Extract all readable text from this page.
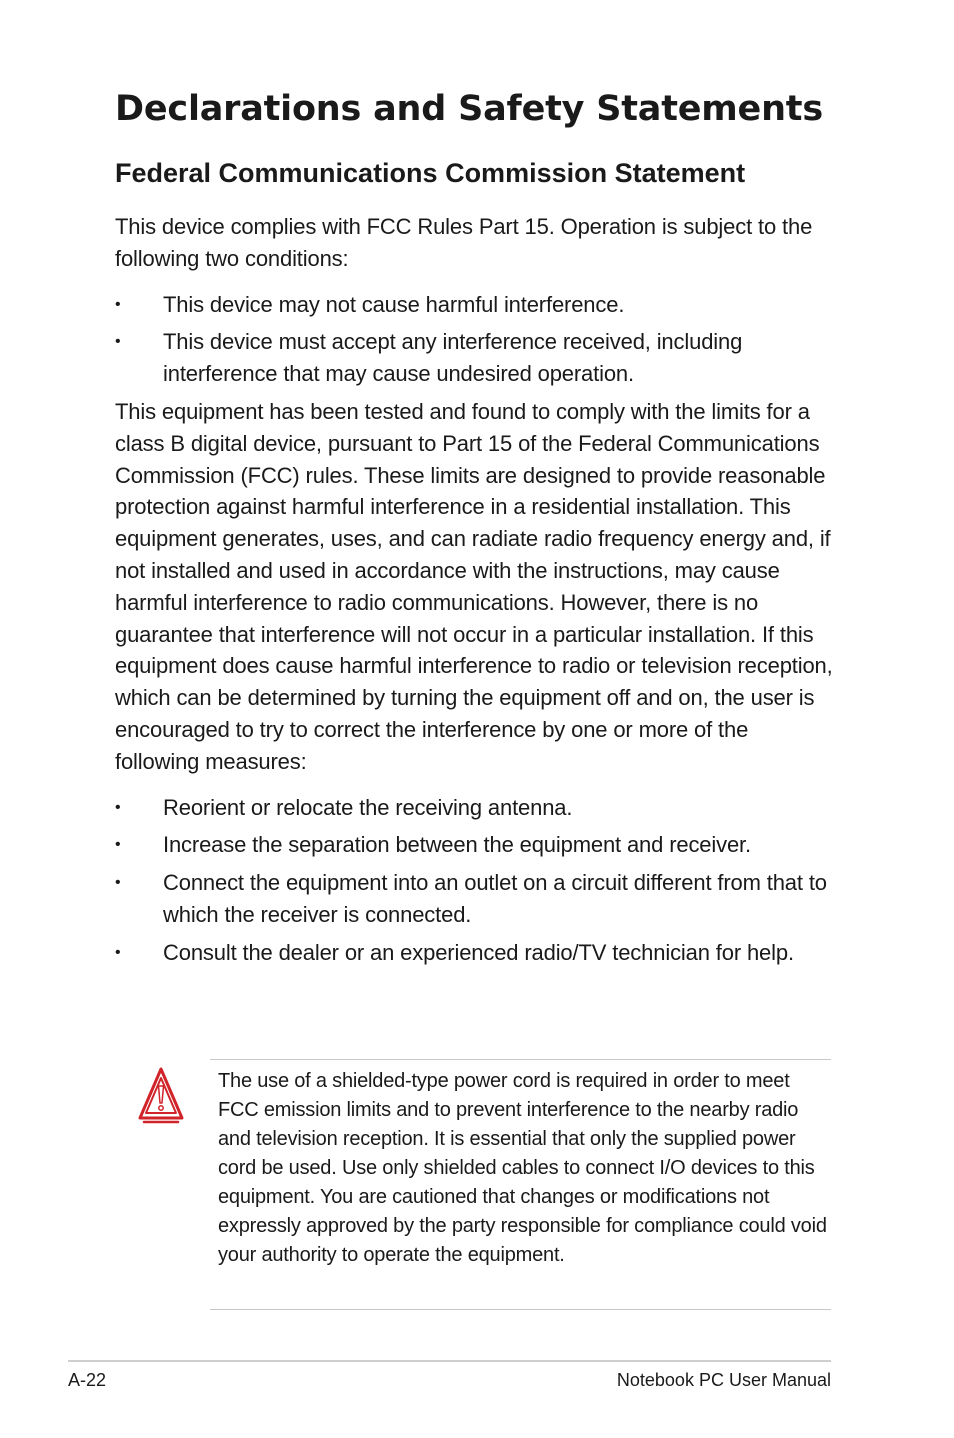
Declarations and Safety Statements
Federal Communications Commission Statement

This device complies with FCC Rules Part 15. Operation is subject to the following two conditions:

• This device may not cause harmful interference.
• This device must accept any interference received, including interference that may cause undesired operation.

This equipment has been tested and found to comply with the limits for a class B digital device, pursuant to Part 15 of the Federal Communications Commission (FCC) rules. These limits are designed to provide reasonable protection against harmful interference in a residential installation. This equipment generates, uses, and can radiate radio frequency energy and, if not installed and used in accordance with the instructions, may cause harmful interference to radio communications. However, there is no guarantee that interference will not occur in a particular installation. If this equipment does cause harmful interference to radio or television reception, which can be determined by turning the equipment off and on, the user is encouraged to try to correct the interference by one or more of the following measures:

• Reorient or relocate the receiving antenna.
• Increase the separation between the equipment and receiver.
• Connect the equipment into an outlet on a circuit different from that to which the receiver is connected.
• Consult the dealer or an experienced radio/TV technician for help.

The use of a shielded-type power cord is required in order to meet FCC emission limits and to prevent interference to the nearby radio and television reception. It is essential that only the supplied power cord be used. Use only shielded cables to connect I/O devices to this equipment. You are cautioned that changes or modifications not expressly approved by the party responsible for compliance could void your authority to operate the equipment.

A-22	Notebook PC User Manual
